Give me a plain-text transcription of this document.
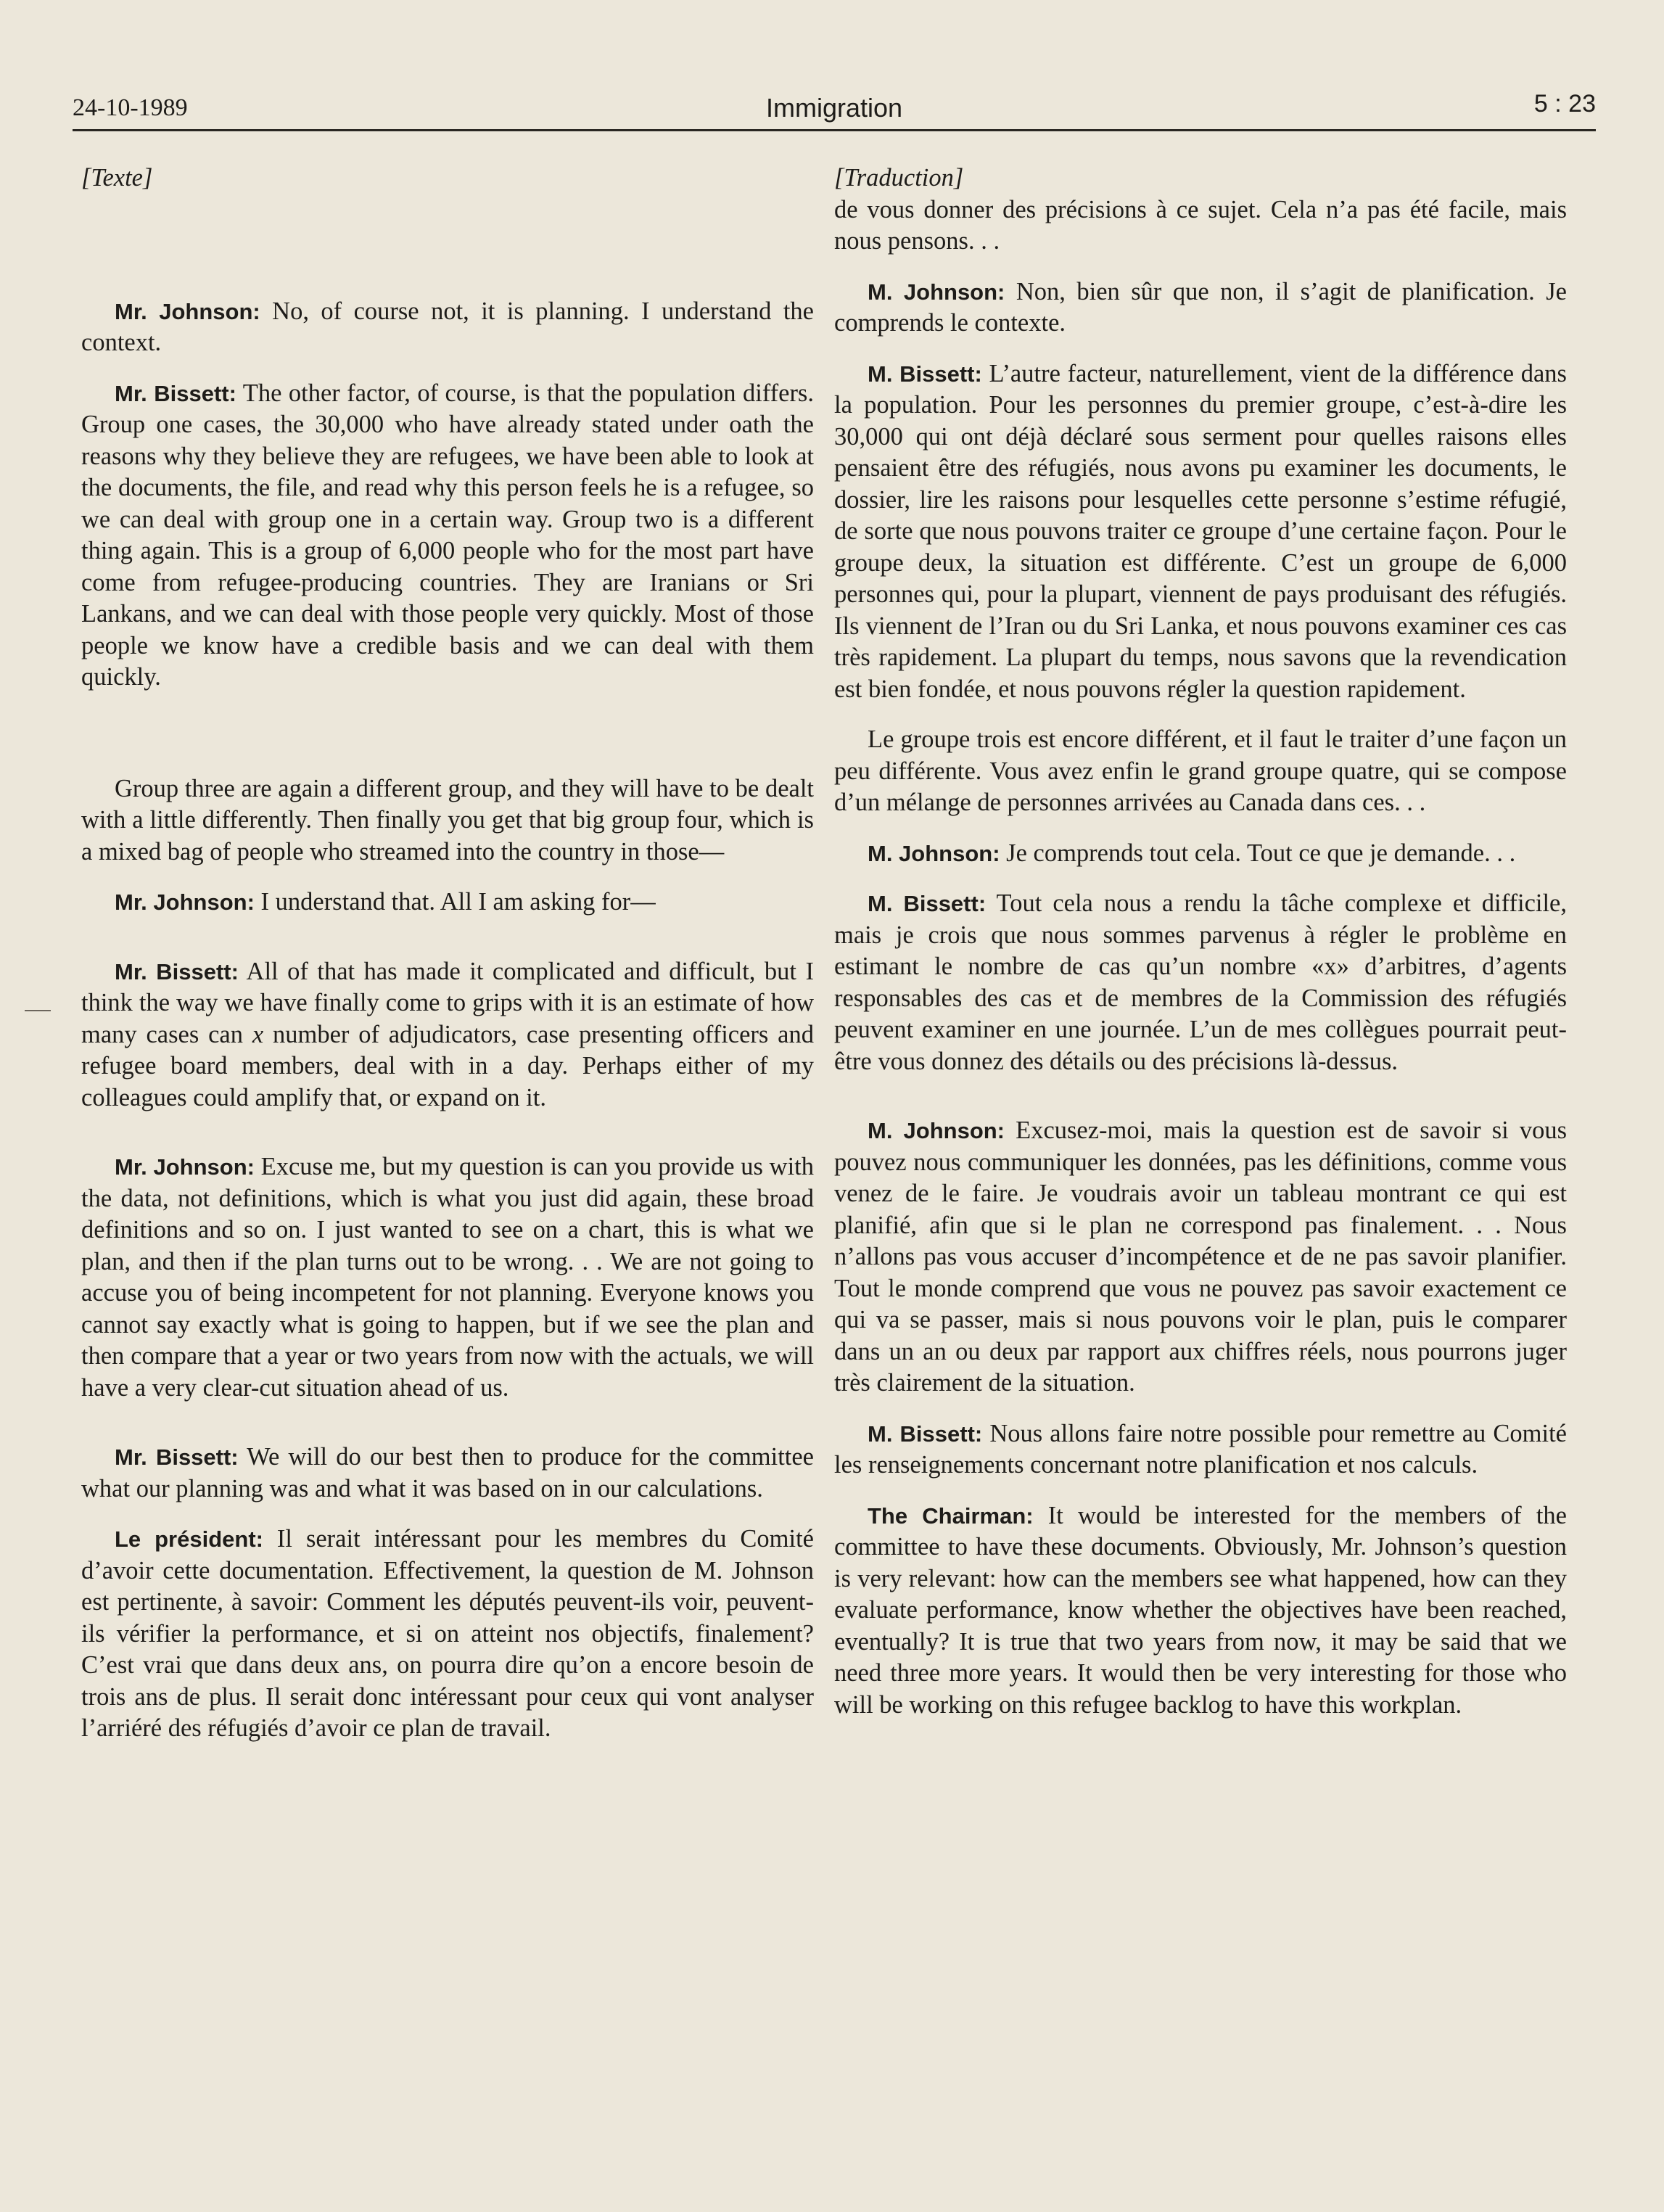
24-10-1989	Immigration	5 : 23

[Texte]

Mr. Johnson: No, of course not, it is planning. I understand the context.

Mr. Bissett: The other factor, of course, is that the population differs. Group one cases, the 30,000 who have already stated under oath the reasons why they believe they are refugees, we have been able to look at the documents, the file, and read why this person feels he is a refugee, so we can deal with group one in a certain way. Group two is a different thing again. This is a group of 6,000 people who for the most part have come from refugee-producing countries. They are Iranians or Sri Lankans, and we can deal with those people very quickly. Most of those people we know have a credible basis and we can deal with them quickly.

Group three are again a different group, and they will have to be dealt with a little differently. Then finally you get that big group four, which is a mixed bag of people who streamed into the country in those—

Mr. Johnson: I understand that. All I am asking for—

Mr. Bissett: All of that has made it complicated and difficult, but I think the way we have finally come to grips with it is an estimate of how many cases can x number of adjudicators, case presenting officers and refugee board members, deal with in a day. Perhaps either of my colleagues could amplify that, or expand on it.

Mr. Johnson: Excuse me, but my question is can you provide us with the data, not definitions, which is what you just did again, these broad definitions and so on. I just wanted to see on a chart, this is what we plan, and then if the plan turns out to be wrong. . . We are not going to accuse you of being incompetent for not planning. Everyone knows you cannot say exactly what is going to happen, but if we see the plan and then compare that a year or two years from now with the actuals, we will have a very clear-cut situation ahead of us.

Mr. Bissett: We will do our best then to produce for the committee what our planning was and what it was based on in our calculations.

Le président: Il serait intéressant pour les membres du Comité d’avoir cette documentation. Effectivement, la question de M. Johnson est pertinente, à savoir: Comment les députés peuvent-ils voir, peuvent-ils vérifier la performance, et si on atteint nos objectifs, finalement? C’est vrai que dans deux ans, on pourra dire qu’on a encore besoin de trois ans de plus. Il serait donc intéressant pour ceux qui vont analyser l’arriéré des réfugiés d’avoir ce plan de travail.

[Traduction]

de vous donner des précisions à ce sujet. Cela n’a pas été facile, mais nous pensons. . .

M. Johnson: Non, bien sûr que non, il s’agit de planification. Je comprends le contexte.

M. Bissett: L’autre facteur, naturellement, vient de la différence dans la population. Pour les personnes du premier groupe, c’est-à-dire les 30,000 qui ont déjà déclaré sous serment pour quelles raisons elles pensaient être des réfugiés, nous avons pu examiner les documents, le dossier, lire les raisons pour lesquelles cette personne s’estime réfugié, de sorte que nous pouvons traiter ce groupe d’une certaine façon. Pour le groupe deux, la situation est différente. C’est un groupe de 6,000 personnes qui, pour la plupart, viennent de pays produisant des réfugiés. Ils viennent de l’Iran ou du Sri Lanka, et nous pouvons examiner ces cas très rapidement. La plupart du temps, nous savons que la revendication est bien fondée, et nous pouvons régler la question rapidement.

Le groupe trois est encore différent, et il faut le traiter d’une façon un peu différente. Vous avez enfin le grand groupe quatre, qui se compose d’un mélange de personnes arrivées au Canada dans ces. . .

M. Johnson: Je comprends tout cela. Tout ce que je demande. . .

M. Bissett: Tout cela nous a rendu la tâche complexe et difficile, mais je crois que nous sommes parvenus à régler le problème en estimant le nombre de cas qu’un nombre «x» d’arbitres, d’agents responsables des cas et de membres de la Commission des réfugiés peuvent examiner en une journée. L’un de mes collègues pourrait peut-être vous donnez des détails ou des précisions là-dessus.

M. Johnson: Excusez-moi, mais la question est de savoir si vous pouvez nous communiquer les données, pas les définitions, comme vous venez de le faire. Je voudrais avoir un tableau montrant ce qui est planifié, afin que si le plan ne correspond pas finalement. . . Nous n’allons pas vous accuser d’incompétence et de ne pas savoir planifier. Tout le monde comprend que vous ne pouvez pas savoir exactement ce qui va se passer, mais si nous pouvons voir le plan, puis le comparer dans un an ou deux par rapport aux chiffres réels, nous pourrons juger très clairement de la situation.

M. Bissett: Nous allons faire notre possible pour remettre au Comité les renseignements concernant notre planification et nos calculs.

The Chairman: It would be interested for the members of the committee to have these documents. Obviously, Mr. Johnson’s question is very relevant: how can the members see what happened, how can they evaluate performance, know whether the objectives have been reached, eventually? It is true that two years from now, it may be said that we need three more years. It would then be very interesting for those who will be working on this refugee backlog to have this workplan.
